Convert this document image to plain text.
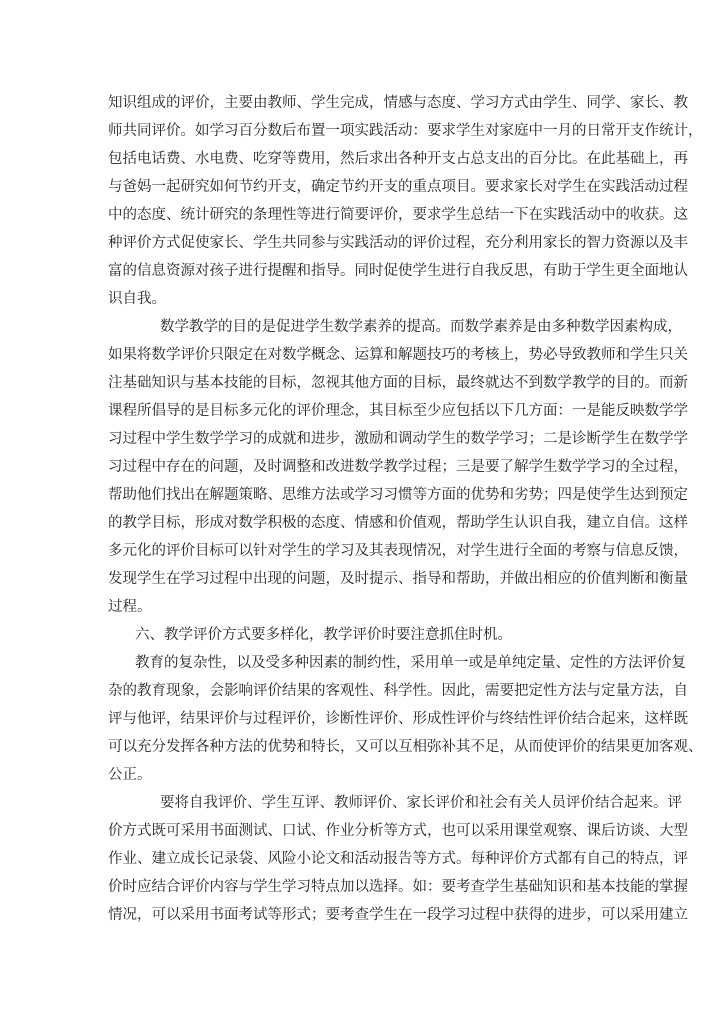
知识组成的评价，主要由教师、学生完成，情感与态度、学习方式由学生、同学、家长、教
师共同评价。如学习百分数后布置一项实践活动：要求学生对家庭中一月的日常开支作统计，
包括电话费、水电费、吃穿等费用，然后求出各种开支占总支出的百分比。在此基础上，再
与爸妈一起研究如何节约开支，确定节约开支的重点项目。要求家长对学生在实践活动过程
中的态度、统计研究的条理性等进行简要评价，要求学生总结一下在实践活动中的收获。这
种评价方式促使家长、学生共同参与实践活动的评价过程，充分利用家长的智力资源以及丰
富的信息资源对孩子进行提醒和指导。同时促使学生进行自我反思，有助于学生更全面地认
识自我。
数学教学的目的是促进学生数学素养的提高。而数学素养是由多种数学因素构成，
如果将数学评价只限定在对数学概念、运算和解题技巧的考核上，势必导致教师和学生只关
注基础知识与基本技能的目标，忽视其他方面的目标，最终就达不到数学教学的目的。而新
课程所倡导的是目标多元化的评价理念，其目标至少应包括以下几方面：一是能反映数学学
习过程中学生数学学习的成就和进步，激励和调动学生的数学学习；二是诊断学生在数学学
习过程中存在的问题，及时调整和改进数学教学过程；三是要了解学生数学学习的全过程，
帮助他们找出在解题策略、思维方法或学习习惯等方面的优势和劣势；四是使学生达到预定
的教学目标，形成对数学积极的态度、情感和价值观，帮助学生认识自我，建立自信。这样
多元化的评价目标可以针对学生的学习及其表现情况，对学生进行全面的考察与信息反馈，
发现学生在学习过程中出现的问题，及时提示、指导和帮助，并做出相应的价值判断和衡量
过程。
六、教学评价方式要多样化，教学评价时要注意抓住时机。
教育的复杂性，以及受多种因素的制约性，采用单一或是单纯定量、定性的方法评价复
杂的教育现象，会影响评价结果的客观性、科学性。因此，需要把定性方法与定量方法，自
评与他评，结果评价与过程评价，诊断性评价、形成性评价与终结性评价结合起来，这样既
可以充分发挥各种方法的优势和特长，又可以互相弥补其不足，从而使评价的结果更加客观、
公正。
要将自我评价、学生互评、教师评价、家长评价和社会有关人员评价结合起来。评
价方式既可采用书面测试、口试、作业分析等方式，也可以采用课堂观察、课后访谈、大型
作业、建立成长记录袋、风险小论文和活动报告等方式。每种评价方式都有自己的特点，评
价时应结合评价内容与学生学习特点加以选择。如：要考查学生基础知识和基本技能的掌握
情况，可以采用书面考试等形式；要考查学生在一段学习过程中获得的进步，可以采用建立
